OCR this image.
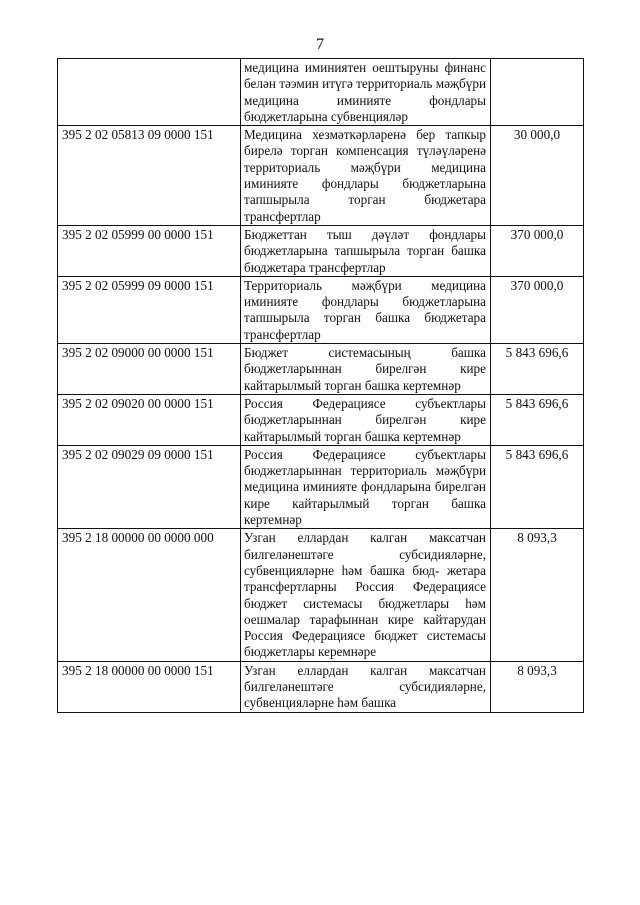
7
	медицина иминиятен оештыруны финанс белән тәэмин итүгә территориаль мәҗбүри медицина иминияте фондлары бюджетларына субвенцияләр	
395 2 02 05813 09 0000 151	Медицина хезмәткәрләренә бер тапкыр бирелә торган компенсация түләүләренә территориаль мәҗбүри медицина иминияте фондлары бюджетларына тапшырыла торган бюджетара трансфертлар	30 000,0
395 2 02 05999 00 0000 151	Бюджеттан тыш дәүләт фондлары бюджетларына тапшырыла торган башка бюджетара трансфертлар	370 000,0
395 2 02 05999 09 0000 151	Территориаль мәҗбүри медицина иминияте фондлары бюджетларына тапшырыла торган башка бюджетара трансфертлар	370 000,0
395 2 02 09000 00 0000 151	Бюджет системасының башка бюджетларыннан бирелгән кире кайтарылмый торган башка кертемнәр	5 843 696,6
395 2 02 09020 00 0000 151	Россия Федерациясе субъектлары бюджетларыннан бирелгән кире кайтарылмый торган башка кертемнәр	5 843 696,6
395 2 02 09029 09 0000 151	Россия Федерациясе субъектлары бюджетларыннан территориаль мәҗбүри медицина иминияте фондларына бирелгән кире кайтарылмый торган башка кертемнәр	5 843 696,6
395 2 18 00000 00 0000 000	Узган еллардан калган максатчан билгеләнештәге субсидияләрне, субвенцияләрне һәм башка бюд- жетара трансфертларны Россия Федерациясе бюджет системасы бюджетлары һәм оешмалар тарафыннан кире кайтарудан Россия Федерациясе бюджет системасы бюджетлары керемнәре	8 093,3
395 2 18 00000 00 0000 151	Узган еллардан калган максатчан билгеләнештәге субсидияләрне, субвенцияләрне һәм башка	8 093,3
